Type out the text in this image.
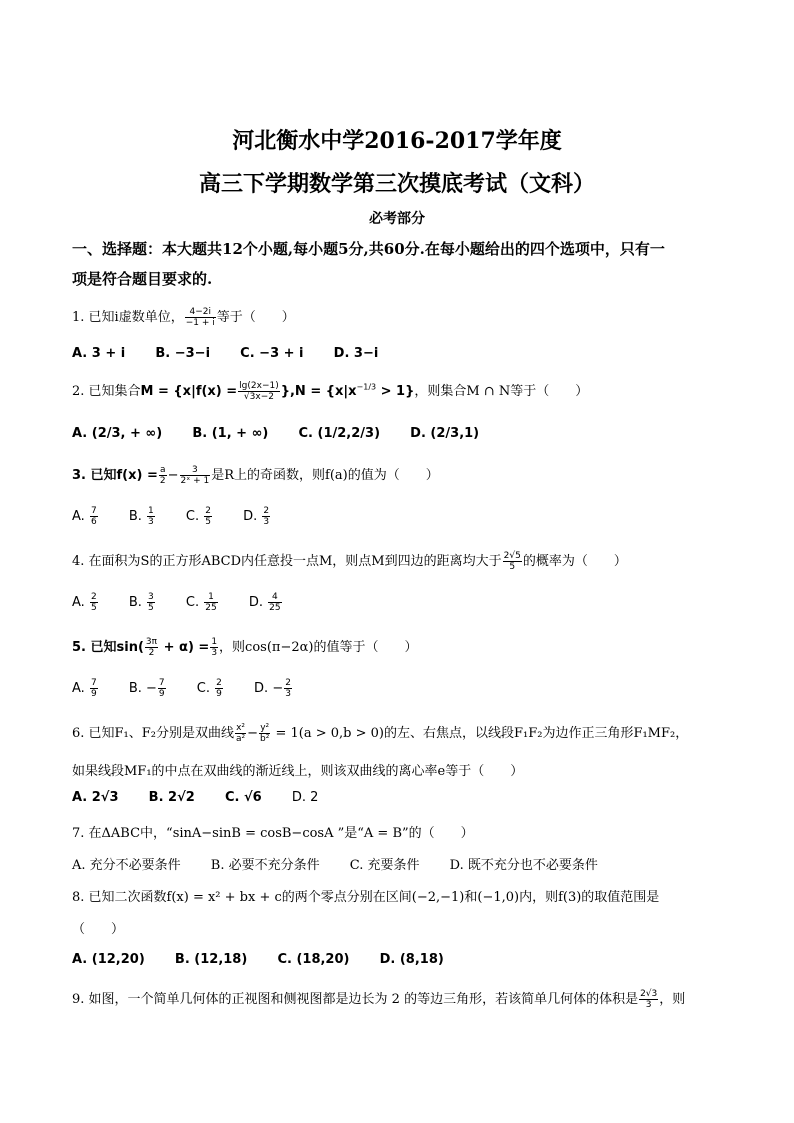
河北衡水中学2016-2017学年度
高三下学期数学第三次摸底考试（文科）
必考部分
一、选择题：本大题共12个小题,每小题5分,共60分.在每小题给出的四个选项中，只有一
项是符合题目要求的.
1. 已知i虚数单位， $\frac{4-2i}{-1 + i}$ 等于（　　）
A. 3 + i B. −3−i C. −3 + i D. 3−i
2. 已知集合$M = \{x|f(x) = \frac{\lg(2x-1)}{√3x-2} \},N = \{x|x^{-1/3} > 1\}$，则集合M ∩ N等于（　　）
A. (2/3, + ∞) B. (1, + ∞) C. (1/2,2/3) D. (2/3,1)
3. 已知$f(x) = \frac{a}{2} - \frac{3}{\text{2ˣ + 1}}$ 是R上的奇函数，则f(a)的值为（　　）
A. $\frac{7}{6} B$. $\frac{1}{3} C$. $\frac{2}{5} D$. $\frac{2}{3}$
4. 在面积为S的正方形ABCD内任意投一点M，则点M到四边的距离均大于 $\frac{2√5}{5}$ 的概率为（　　）
A. $\frac{2}{5} B$. $\frac{3}{5} C$. $\frac{1}{25} D$. $\frac{4}{25}$
5. 已知$\sin( \frac{3\pi}{2} + \alpha) = \frac{1}{3}$ ，则cos(π−2α)的值等于（　　）
A. $\frac{7}{9} B$. − $\frac{7}{9} C$. $\frac{2}{9} D$. − $\frac{2}{3}$
6. 已知F₁、F₂分别是双曲线 $\frac{\text{x²}}{\text{a²}} - \frac{\text{y²}}{\text{b²}} = 1(a > 0,b > 0)$的左、右焦点，以线段F₁F₂为边作正三角形F₁MF₂，
如果线段MF₁的中点在双曲线的渐近线上，则该双曲线的离心率e等于（　　）
A. 2√3 B. 2√2 C. √6 D. 2
7. 在ΔABC中，“sinA−sinB = cosB−cosA ”是“A = B”的（　　）
A. 充分不必要条件 B. 必要不充分条件 C. 充要条件 D. 既不充分也不必要条件
8. 已知二次函数f(x) = x² + bx + c的两个零点分别在区间(−2,−1)和(−1,0)内，则f(3)的取值范围是
（　　）
A. (12,20) B. (12,18) C. (18,20) D. (8,18)
9. 如图，一个简单几何体的正视图和侧视图都是边长为 2 的等边三角形，若该简单几何体的体积是 $\frac{2√3}{3}$ ，则
